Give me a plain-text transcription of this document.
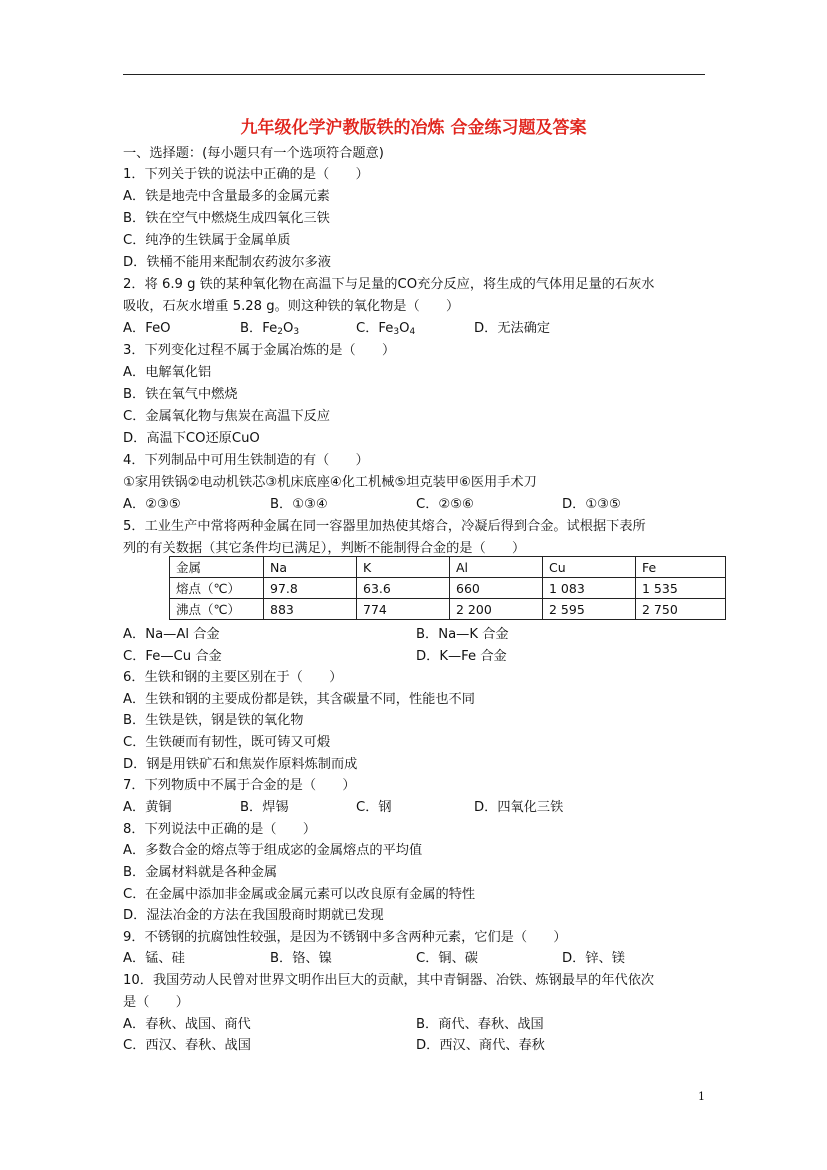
九年级化学沪教版铁的冶炼 合金练习题及答案
一、选择题：(每小题只有一个选项符合题意)
1．下列关于铁的说法中正确的是（　　）
A．铁是地壳中含量最多的金属元素
B．铁在空气中燃烧生成四氧化三铁
C．纯净的生铁属于金属单质
D．铁桶不能用来配制农药波尔多液
2．将 6.9 g 铁的某种氧化物在高温下与足量的CO充分反应，将生成的气体用足量的石灰水
吸收，石灰水增重 5.28 g。则这种铁的氧化物是（　　）
A．FeO	B．$Fe_2O_3$	C．$Fe_3O_4$	D．无法确定
3．下列变化过程不属于金属冶炼的是（　　）
A．电解氧化铝
B．铁在氧气中燃烧
C．金属氧化物与焦炭在高温下反应
D．高温下CO还原CuO
4．下列制品中可用生铁制造的有（　　）
①家用铁锅②电动机铁芯③机床底座④化工机械⑤坦克装甲⑥医用手术刀
A．②③⑤	B．①③④	C．②⑤⑥	D．①③⑤
5．工业生产中常将两种金属在同一容器里加热使其熔合，冷凝后得到合金。试根据下表所
列的有关数据（其它条件均已满足），判断不能制得合金的是（　　）
金属	Na	K	Al	Cu	Fe
熔点（℃）	97.8	63.6	660	1 083	1 535
沸点（℃）	883	774	2 200	2 595	2 750
A．Na—Al 合金	B．Na—K 合金
C．Fe—Cu 合金	D．K—Fe 合金
6．生铁和钢的主要区别在于（　　）
A．生铁和钢的主要成份都是铁，其含碳量不同，性能也不同
B．生铁是铁，钢是铁的氧化物
C．生铁硬而有韧性，既可铸又可煅
D．钢是用铁矿石和焦炭作原料炼制而成
7．下列物质中不属于合金的是（　　）
A．黄铜	B．焊锡	C．钢	D．四氧化三铁
8．下列说法中正确的是（　　）
A．多数合金的熔点等于组成宓的金属熔点的平均值
B．金属材料就是各种金属
C．在金属中添加非金属或金属元素可以改良原有金属的特性
D．湿法冶金的方法在我国殷商时期就已发现
9．不锈钢的抗腐蚀性较强，是因为不锈钢中多含两种元素，它们是（　　）
A．锰、硅	B．铬、镍	C．铜、碳	D．锌、镁
10．我国劳动人民曾对世界文明作出巨大的贡献，其中青铜器、冶铁、炼钢最早的年代依次
是（　　）
A．春秋、战国、商代	B．商代、春秋、战国
C．西汉、春秋、战国	D．西汉、商代、春秋
1
